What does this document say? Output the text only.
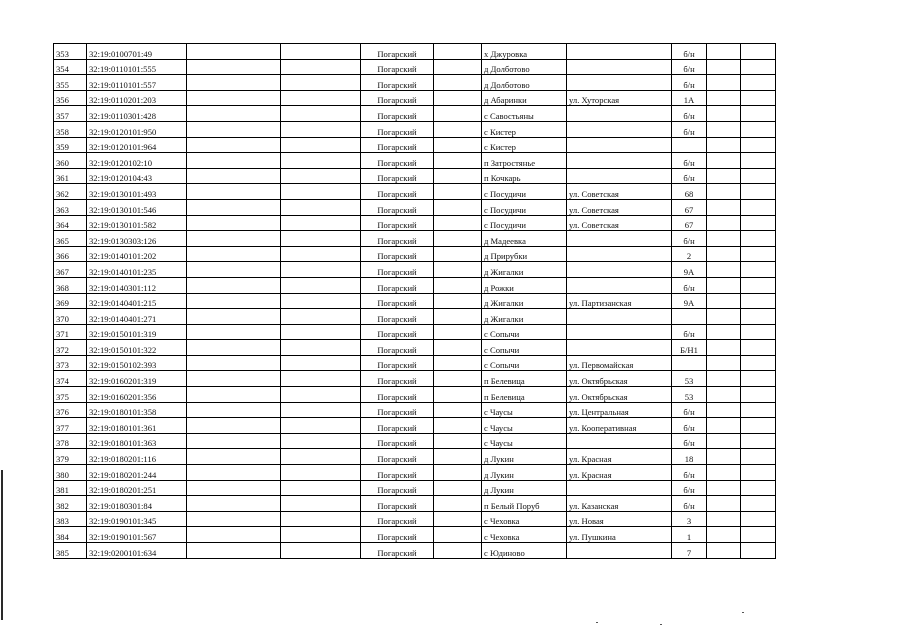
353	32:19:0100701:49			Погарский		х Джуровка		б/н		
354	32:19:0110101:555			Погарский		д Долботово		б/н		
355	32:19:0110101:557			Погарский		д Долботово		б/н		
356	32:19:0110201:203			Погарский		д Абаринки	ул. Хуторская	1А		
357	32:19:0110301:428			Погарский		с Савостьяны		б/н		
358	32:19:0120101:950			Погарский		с Кистер		б/н		
359	32:19:0120101:964			Погарский		с Кистер				
360	32:19:0120102:10			Погарский		п Затростянье		б/н		
361	32:19:0120104:43			Погарский		п Кочкарь		б/н		
362	32:19:0130101:493			Погарский		с Посудичи	ул. Советская	68		
363	32:19:0130101:546			Погарский		с Посудичи	ул. Советская	67		
364	32:19:0130101:582			Погарский		с Посудичи	ул. Советская	67		
365	32:19:0130303:126			Погарский		д Мадеевка		б/н		
366	32:19:0140101:202			Погарский		д Прирубки		2		
367	32:19:0140101:235			Погарский		д Жигалки		9А		
368	32:19:0140301:112			Погарский		д Рожки		б/н		
369	32:19:0140401:215			Погарский		д Жигалки	ул. Партизанская	9А		
370	32:19:0140401:271			Погарский		д Жигалки				
371	32:19:0150101:319			Погарский		с Сопычи		б/н		
372	32:19:0150101:322			Погарский		с Сопычи		Б/Н1		
373	32:19:0150102:393			Погарский		с Сопычи	ул. Первомайская			
374	32:19:0160201:319			Погарский		п Белевица	ул. Октябрьская	53		
375	32:19:0160201:356			Погарский		п Белевица	ул. Октябрьская	53		
376	32:19:0180101:358			Погарский		с Чаусы	ул. Центральная	б/н		
377	32:19:0180101:361			Погарский		с Чаусы	ул. Кооперативная	б/н		
378	32:19:0180101:363			Погарский		с Чаусы		б/н		
379	32:19:0180201:116			Погарский		д Лукин	ул. Красная	18		
380	32:19:0180201:244			Погарский		д Лукин	ул. Красная	б/н		
381	32:19:0180201:251			Погарский		д Лукин		б/н		
382	32:19:0180301:84			Погарский		п Белый Поруб	ул. Казанская	б/н		
383	32:19:0190101:345			Погарский		с Чеховка	ул. Новая	3		
384	32:19:0190101:567			Погарский		с Чеховка	ул. Пушкина	1		
385	32:19:0200101:634			Погарский		с Юдиново		7		
